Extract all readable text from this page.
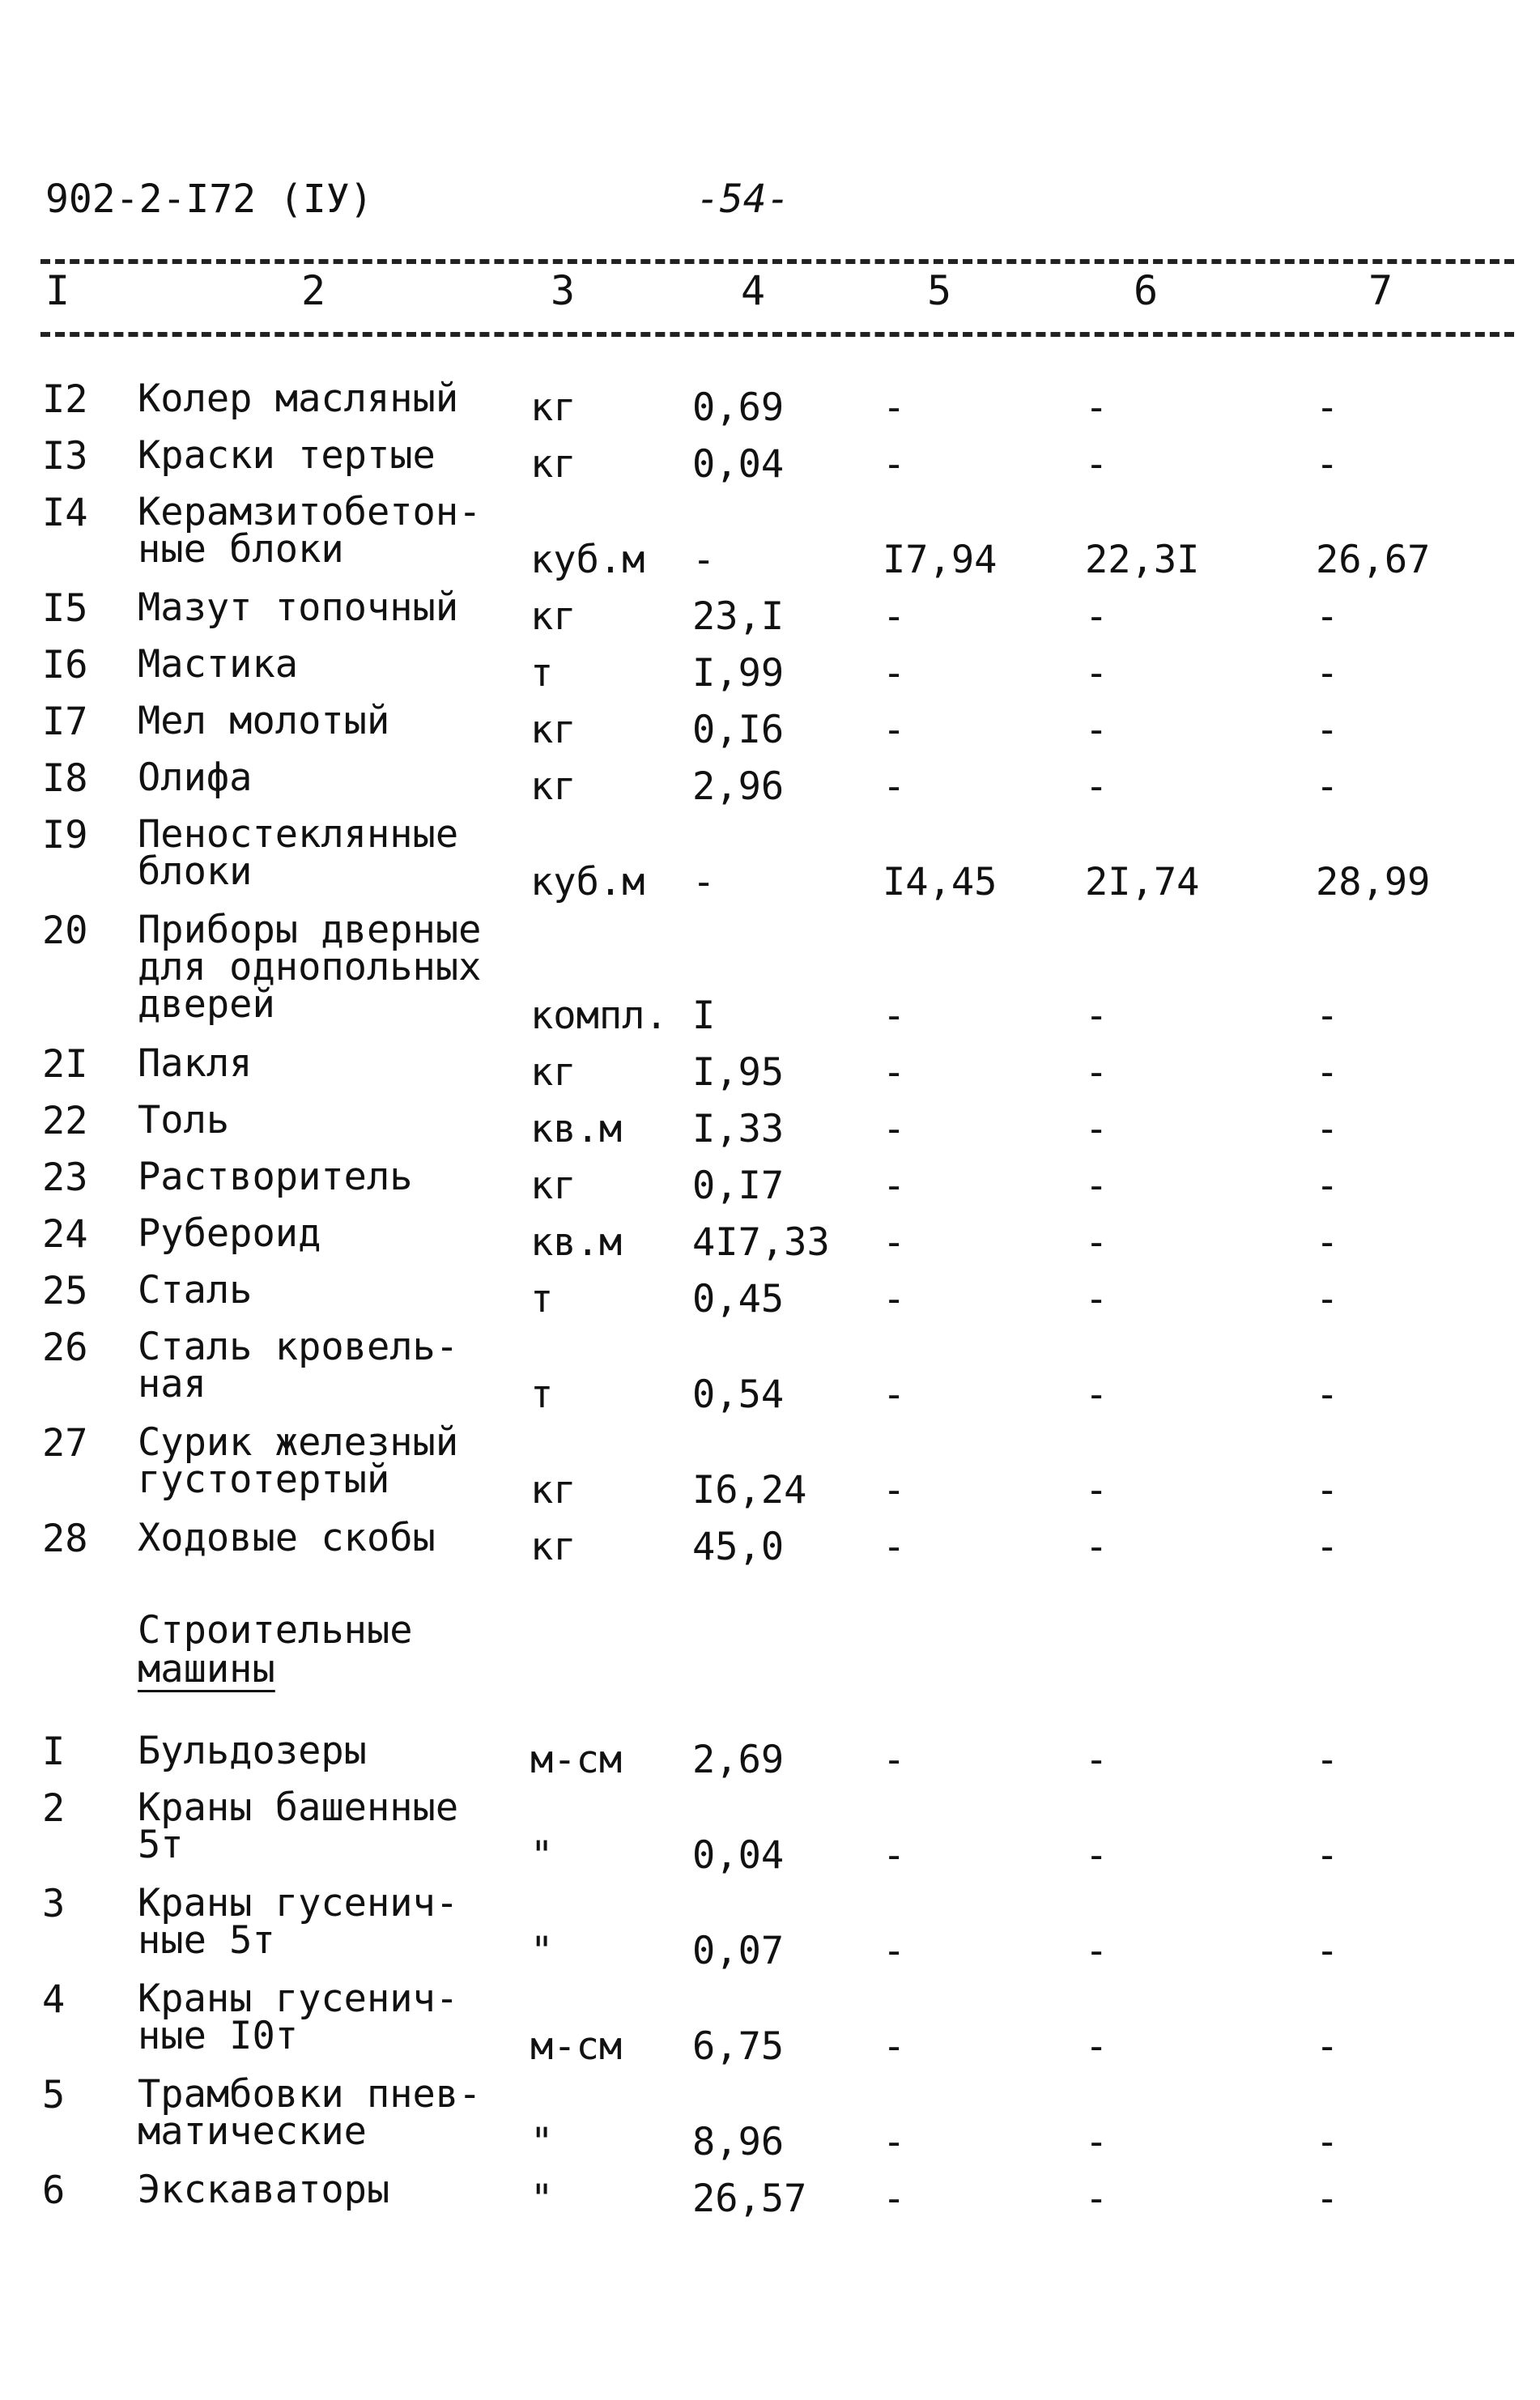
902-2-I72 (IУ)	-54-
I	2	3	4	5	6	7
I2 Колер масляный	кг	0,69	-	-	-
I3 Краски тертые	кг	0,04	-	-	-
I4 Керамзитобетон-ные блоки	куб.м -	I7,94 22,3I	26,67
I5 Мазут топочный	кг	23,I	-	-	-
I6 Мастика	т	I,99	-	-	-
I7 Мел молотый	кг	0,I6	-	-	-
I8 Олифа	кг	2,96	-	-	-
I9 Пеностеклянные блоки	куб.м -	I4,45 2I,74	28,99
20 Приборы дверные для однопольных дверей	компл. I	-	-	-
2I Пакля	кг	I,95	-	-	-
22 Толь	кв.м I,33	-	-	-
23 Растворитель	кг	0,I7	-	-	-
24 Рубероид	кв.м 4I7,33 -	-	-
25 Сталь	т	0,45	-	-	-
26 Сталь кровель-ная	т	0,54	-	-	-
27 Сурик железный густотертый	кг	I6,24 -	-	-
28 Ходовые скобы	кг	45,0	-	-	-
Строительные
машины
I Бульдозеры	м-см 2,69	-	-	-
2 Краны башенные 5т	"	0,04	-	-	-
3 Краны гусенич-ные 5т	"	0,07	-	-	-
4 Краны гусенич-ные I0т	м-см 6,75	-	-	-
5 Трамбовки пнев-матические	"	8,96	-	-	-
6 Экскаваторы	"	26,57 -	-	-
